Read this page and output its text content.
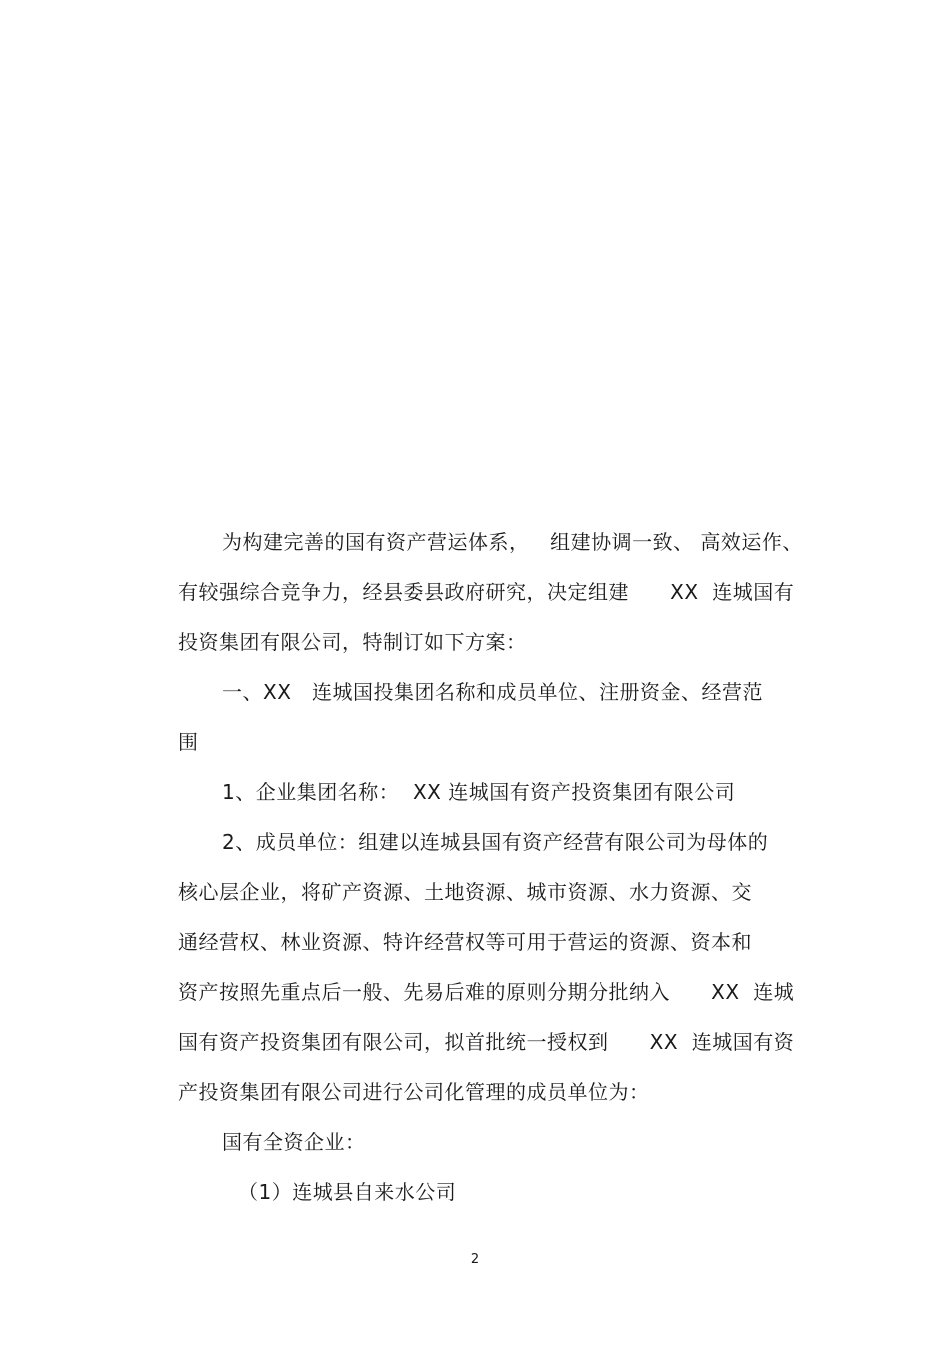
为构建完善的国有资产营运体系，   组建协调一致、 高效运作、
有较强综合竞争力，经县委县政府研究，决定组建      XX  连城国有
投资集团有限公司，特制订如下方案：
一、XX   连城国投集团名称和成员单位、注册资金、经营范
围
1、企业集团名称：  XX 连城国有资产投资集团有限公司
2、成员单位：组建以连城县国有资产经营有限公司为母体的
核心层企业，将矿产资源、土地资源、城市资源、水力资源、交
通经营权、林业资源、特许经营权等可用于营运的资源、资本和
资产按照先重点后一般、先易后难的原则分期分批纳入      XX  连城
国有资产投资集团有限公司，拟首批统一授权到      XX  连城国有资
产投资集团有限公司进行公司化管理的成员单位为：
国有全资企业：
（1）连城县自来水公司
2
